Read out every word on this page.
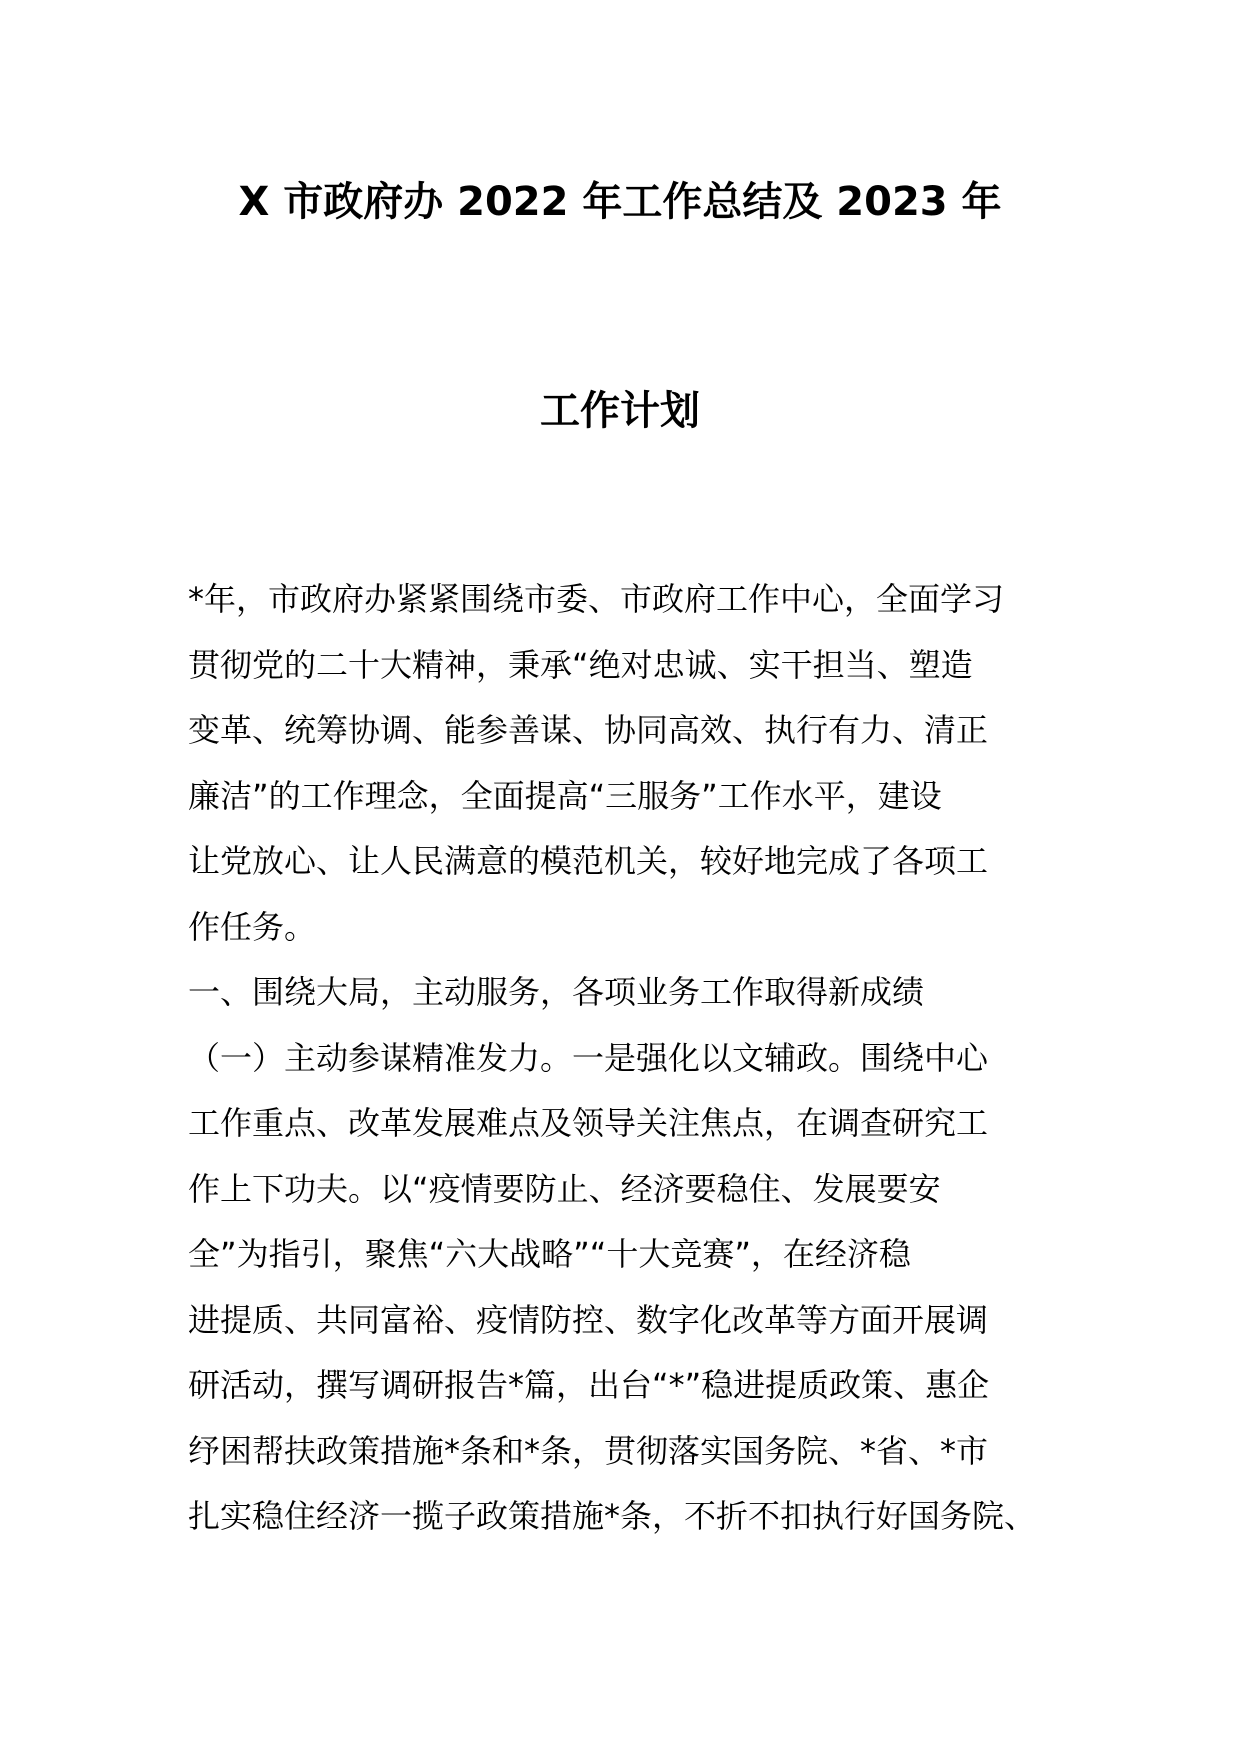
X 市政府办 2022 年工作总结及 2023 年
工作计划
*年，市政府办紧紧围绕市委、市政府工作中心，全面学习
贯彻党的二十大精神，秉承“绝对忠诚、实干担当、塑造
变革、统筹协调、能参善谋、协同高效、执行有力、清正
廉洁”的工作理念，全面提高“三服务”工作水平，建设
让党放心、让人民满意的模范机关，较好地完成了各项工
作任务。
一、围绕大局，主动服务，各项业务工作取得新成绩
（一）主动参谋精准发力。一是强化以文辅政。围绕中心
工作重点、改革发展难点及领导关注焦点，在调查研究工
作上下功夫。以“疫情要防止、经济要稳住、发展要安
全”为指引，聚焦“六大战略”“十大竞赛”，在经济稳
进提质、共同富裕、疫情防控、数字化改革等方面开展调
研活动，撰写调研报告*篇，出台“*”稳进提质政策、惠企
纾困帮扶政策措施*条和*条，贯彻落实国务院、*省、*市
扎实稳住经济一揽子政策措施*条，不折不扣执行好国务院、
